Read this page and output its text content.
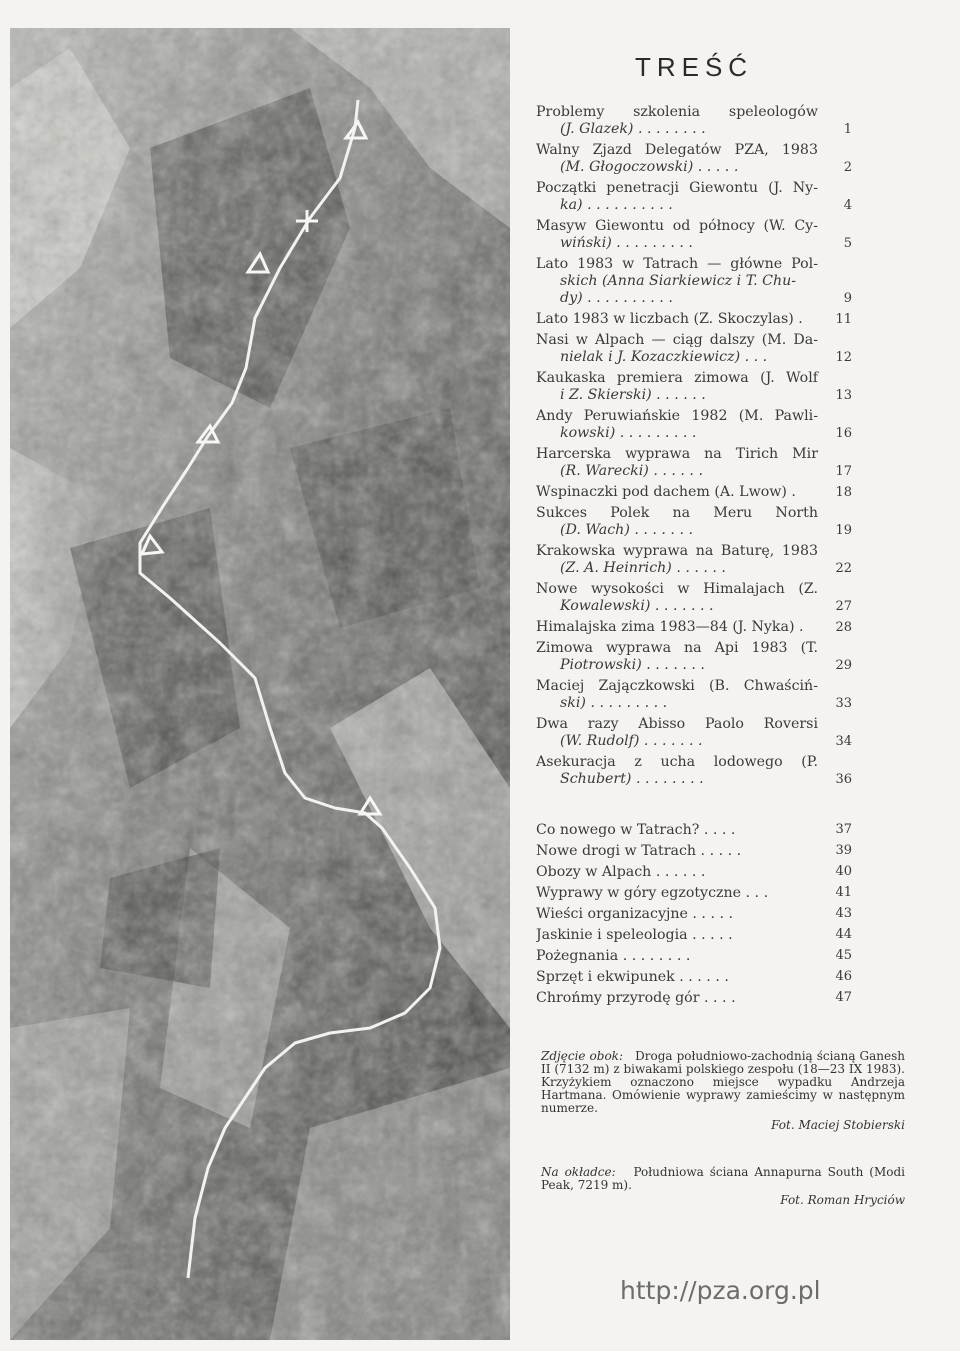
TREŚĆ
Problemy szkolenia speleologów
(J. Glazek) . . . . . . . .	1
Walny Zjazd Delegatów PZA, 1983
(M. Głogoczowski) . . . . .	2
Początki penetracji Giewontu (J. Ny-
ka) . . . . . . . . . .	4
Masyw Giewontu od północy (W. Cy-
wiński) . . . . . . . . .	5
Lato 1983 w Tatrach — główne Pol-
skich (Anna Siarkiewicz i T. Chu-
dy) . . . . . . . . . .	9
Lato 1983 w liczbach (Z. Skoczylas) .	11
Nasi w Alpach — ciąg dalszy (M. Da-
nielak i J. Kozaczkiewicz) . . .	12
Kaukaska premiera zimowa (J. Wolf
i Z. Skierski) . . . . . .	13
Andy Peruwiańskie 1982 (M. Pawli-
kowski) . . . . . . . . .	16
Harcerska wyprawa na Tirich Mir
(R. Warecki) . . . . . .	17
Wspinaczki pod dachem (A. Lwow) .	18
Sukces Polek na Meru North
(D. Wach) . . . . . . .	19
Krakowska wyprawa na Baturę, 1983
(Z. A. Heinrich) . . . . . .	22
Nowe wysokości w Himalajach (Z.
Kowalewski) . . . . . . .	27
Himalajska zima 1983—84 (J. Nyka) .	28
Zimowa wyprawa na Api 1983 (T.
Piotrowski) . . . . . . .	29
Maciej Zajączkowski (B. Chwaściń-
ski) . . . . . . . . .	33
Dwa razy Abisso Paolo Roversi
(W. Rudolf) . . . . . . .	34
Asekuracja z ucha lodowego (P.
Schubert) . . . . . . . .	36
Co nowego w Tatrach? . . . .	37
Nowe drogi w Tatrach . . . . .	39
Obozy w Alpach . . . . . .	40
Wyprawy w góry egzotyczne . . .	41
Wieści organizacyjne . . . . .	43
Jaskinie i speleologia . . . . .	44
Pożegnania . . . . . . . .	45
Sprzęt i ekwipunek . . . . . .	46
Chrońmy przyrodę gór . . . .	47
Zdjęcie obok: Droga południowo-zachodnią ścianą Ganesh II (7132 m) z biwakami polskiego zespołu (18—23 IX 1983). Krzyżykiem oznaczono miejsce wypadku Andrzeja Hartmana. Omówienie wyprawy zamieścimy w następnym numerze.
Fot. Maciej Stobierski
Na okładce: Południowa ściana Annapurna South (Modi Peak, 7219 m).
Fot. Roman Hryciów
http://pza.org.pl
